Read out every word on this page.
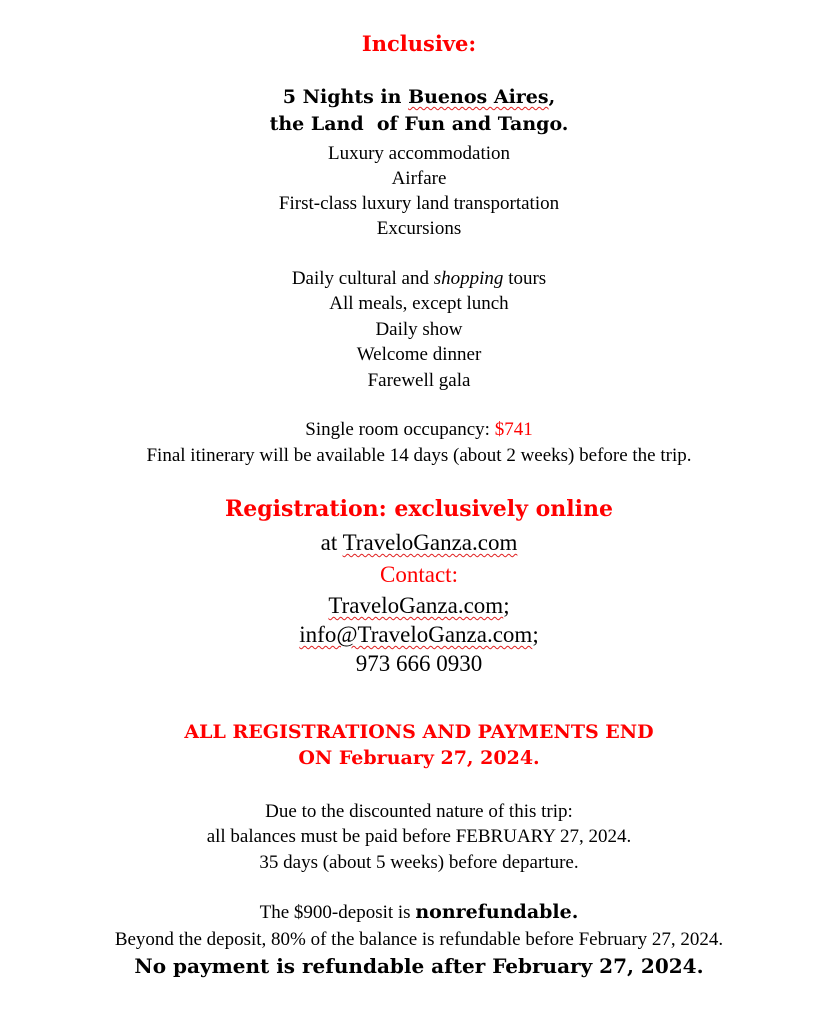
Inclusive:
5 Nights in Buenos Aires,
the Land  of Fun and Tango.
Luxury accommodation
Airfare
First-class luxury land transportation
Excursions
Daily cultural and shopping tours
All meals, except lunch
Daily show
Welcome dinner
Farewell gala
Single room occupancy: $741
Final itinerary will be available 14 days (about 2 weeks) before the trip.
Registration: exclusively online
at TraveloGanza.com
Contact:
TraveloGanza.com;
info@TraveloGanza.com;
973 666 0930
ALL REGISTRATIONS AND PAYMENTS END
ON February 27, 2024.
Due to the discounted nature of this trip:
all balances must be paid before FEBRUARY 27, 2024.
35 days (about 5 weeks) before departure.
The $900-deposit is nonrefundable.
Beyond the deposit, 80% of the balance is refundable before February 27, 2024.
No payment is refundable after February 27, 2024.
